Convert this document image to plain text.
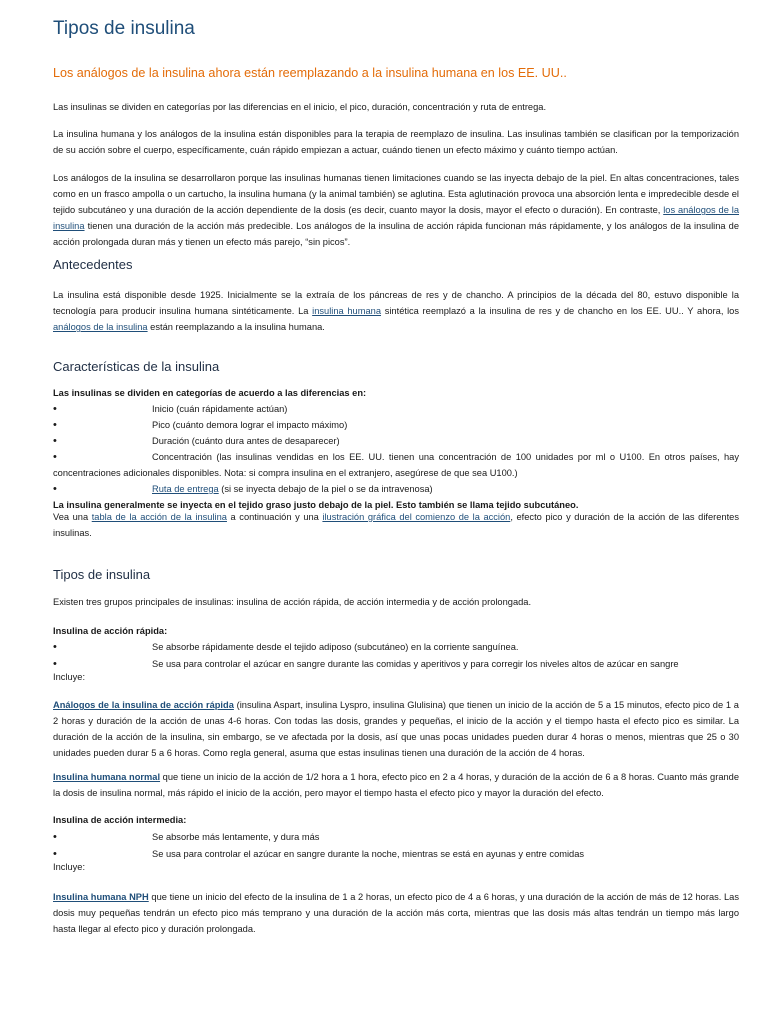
Tipos de insulina

Los análogos de la insulina ahora están reemplazando a la insulina humana en los EE. UU..

Las insulinas se dividen en categorías por las diferencias en el inicio, el pico, duración, concentración y ruta de entrega.

La insulina humana y los análogos de la insulina están disponibles para la terapia de reemplazo de insulina. Las insulinas también se clasifican por la temporización de su acción sobre el cuerpo, específicamente, cuán rápido empiezan a actuar, cuándo tienen un efecto máximo y cuánto tiempo actúan.

Los análogos de la insulina se desarrollaron porque las insulinas humanas tienen limitaciones cuando se las inyecta debajo de la piel. En altas concentraciones, tales como en un frasco ampolla o un cartucho, la insulina humana (y la animal también) se aglutina. Esta aglutinación provoca una absorción lenta e impredecible desde el tejido subcutáneo y una duración de la acción dependiente de la dosis (es decir, cuanto mayor la dosis, mayor el efecto o duración). En contraste, los análogos de la insulina tienen una duración de la acción más predecible. Los análogos de la insulina de acción rápida funcionan más rápidamente, y los análogos de la insulina de acción prolongada duran más y tienen un efecto más parejo, “sin picos”.

Antecedentes

La insulina está disponible desde 1925. Inicialmente se la extraía de los páncreas de res y de chancho. A principios de la década del 80, estuvo disponible la tecnología para producir insulina humana sintéticamente. La insulina humana sintética reemplazó a la insulina de res y de chancho en los EE. UU.. Y ahora, los análogos de la insulina están reemplazando a la insulina humana.

Características de la insulina

Las insulinas se dividen en categorías de acuerdo a las diferencias en:

•	Inicio (cuán rápidamente actúan)
•	Pico (cuánto demora lograr el impacto máximo)
•	Duración (cuánto dura antes de desaparecer)
•	Concentración (las insulinas vendidas en los EE. UU. tienen una concentración de 100 unidades por ml o U100. En otros países, hay concentraciones adicionales disponibles. Nota: si compra insulina en el extranjero, asegúrese de que sea U100.)

•	Ruta de entrega (si se inyecta debajo de la piel o se da intravenosa)

La insulina generalmente se inyecta en el tejido graso justo debajo de la piel. Esto también se llama tejido subcutáneo.

Vea una tabla de la acción de la insulina a continuación y una ilustración gráfica del comienzo de la acción, efecto pico y duración de la acción de las diferentes insulinas.

Tipos de insulina

Existen tres grupos principales de insulinas: insulina de acción rápida, de acción intermedia y de acción prolongada.

Insulina de acción rápida:

•	Se absorbe rápidamente desde el tejido adiposo (subcutáneo) en la corriente sanguínea.
•	Se usa para controlar el azúcar en sangre durante las comidas y aperitivos y para corregir los niveles altos de azúcar en sangre

Incluye:

Análogos de la insulina de acción rápida (insulina Aspart, insulina Lyspro, insulina Glulisina) que tienen un inicio de la acción de 5 a 15 minutos, efecto pico de 1 a 2 horas y duración de la acción de unas 4-6 horas. Con todas las dosis, grandes y pequeñas, el inicio de la acción y el tiempo hasta el efecto pico es similar. La duración de la acción de la insulina, sin embargo, se ve afectada por la dosis, así que unas pocas unidades pueden durar 4 horas o menos, mientras que 25 o 30 unidades pueden durar 5 a 6 horas. Como regla general, asuma que estas insulinas tienen una duración de la acción de 4 horas.

Insulina humana normal que tiene un inicio de la acción de 1/2 hora a 1 hora, efecto pico en 2 a 4 horas, y duración de la acción de 6 a 8 horas. Cuanto más grande la dosis de insulina normal, más rápido el inicio de la acción, pero mayor el tiempo hasta el efecto pico y mayor la duración del efecto.

Insulina de acción intermedia:

•	Se absorbe más lentamente, y dura más
•	Se usa para controlar el azúcar en sangre durante la noche, mientras se está en ayunas y entre comidas

Incluye:

Insulina humana NPH que tiene un inicio del efecto de la insulina de 1 a 2 horas, un efecto pico de 4 a 6 horas, y una duración de la acción de más de 12 horas. Las dosis muy pequeñas tendrán un efecto pico más temprano y una duración de la acción más corta, mientras que las dosis más altas tendrán un tiempo más largo hasta llegar al efecto pico y duración prolongada.
